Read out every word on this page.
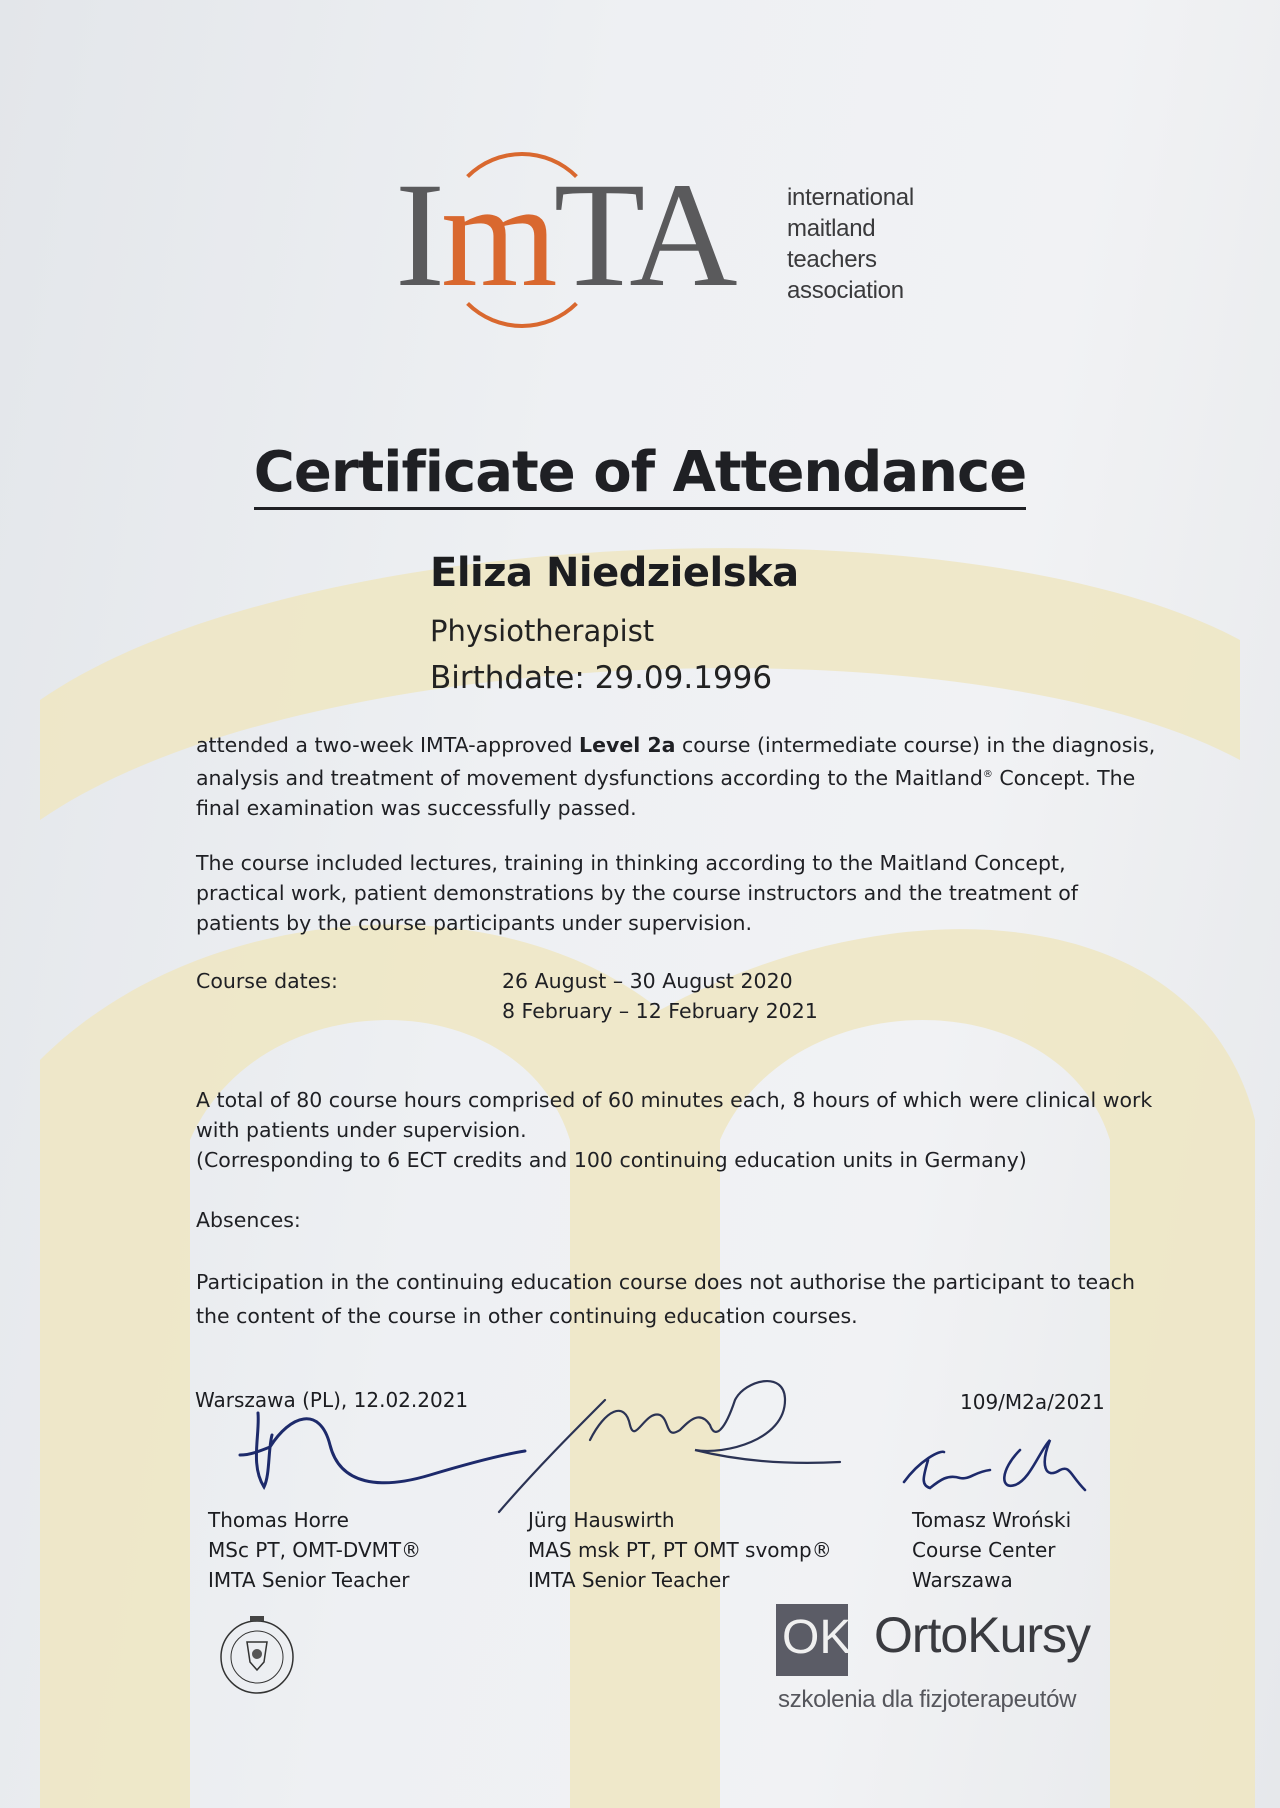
ImTA international
maitland
teachers
association
Certificate of Attendance
Eliza Niedzielska
Physiotherapist
Birthdate: 29.09.1996
attended a two-week IMTA-approved Level 2a course (intermediate course) in the diagnosis, analysis and treatment of movement dysfunctions according to the Maitland® Concept. The final examination was successfully passed.
The course included lectures, training in thinking according to the Maitland Concept, practical work, patient demonstrations by the course instructors and the treatment of patients by the course participants under supervision.
Course dates:	26 August – 30 August 2020
8 February – 12 February 2021
A total of 80 course hours comprised of 60 minutes each, 8 hours of which were clinical work with patients under supervision.
(Corresponding to 6 ECT credits and 100 continuing education units in Germany)
Absences:
Participation in the continuing education course does not authorise the participant to teach the content of the course in other continuing education courses.
Warszawa (PL), 12.02.2021	109/M2a/2021
Thomas Horre
MSc PT, OMT-DVMT®
IMTA Senior Teacher
Jürg Hauswirth
MAS msk PT, PT OMT svomp®
IMTA Senior Teacher
Tomasz Wroński
Course Center
Warszawa
OK OrtoKursy
szkolenia dla fizjoterapeutów
